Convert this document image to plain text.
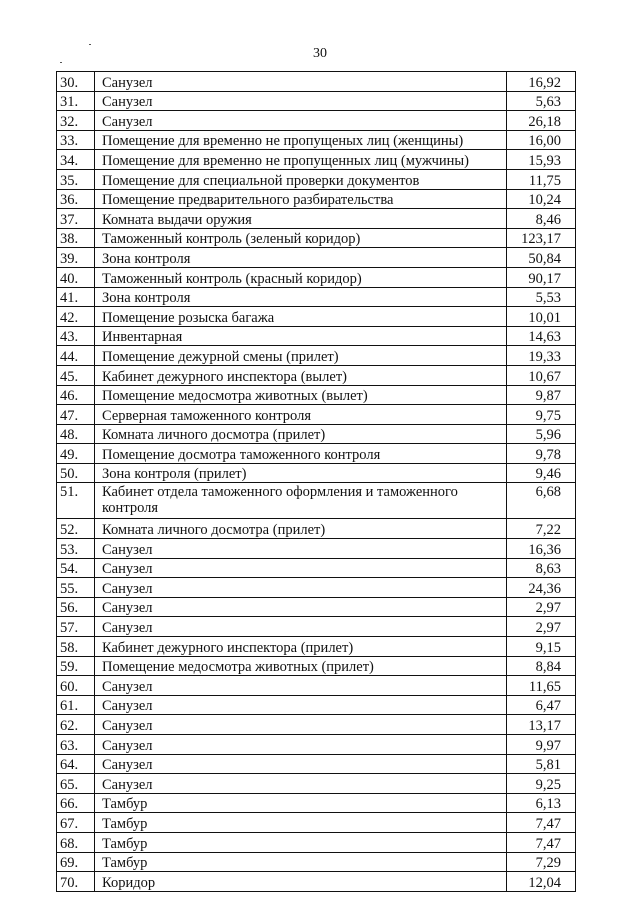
30
30.	Санузел	16,92
31.	Санузел	5,63
32.	Санузел	26,18
33.	Помещение для временно не пропущеных лиц (женщины)	16,00
34.	Помещение для временно не пропущенных лиц (мужчины)	15,93
35.	Помещение для специальной проверки документов	11,75
36.	Помещение предварительного разбирательства	10,24
37.	Комната выдачи оружия	8,46
38.	Таможенный контроль (зеленый коридор)	123,17
39.	Зона контроля	50,84
40.	Таможенный контроль (красный коридор)	90,17
41.	Зона контроля	5,53
42.	Помещение розыска багажа	10,01
43.	Инвентарная	14,63
44.	Помещение дежурной смены (прилет)	19,33
45.	Кабинет дежурного инспектора (вылет)	10,67
46.	Помещение медосмотра животных (вылет)	9,87
47.	Серверная таможенного контроля	9,75
48.	Комната личного досмотра (прилет)	5,96
49.	Помещение досмотра таможенного контроля	9,78
50.	Зона контроля (прилет)	9,46
51.	Кабинет отдела таможенного оформления и таможенного контроля	6,68
52.	Комната личного досмотра (прилет)	7,22
53.	Санузел	16,36
54.	Санузел	8,63
55.	Санузел	24,36
56.	Санузел	2,97
57.	Санузел	2,97
58.	Кабинет дежурного инспектора (прилет)	9,15
59.	Помещение медосмотра животных (прилет)	8,84
60.	Санузел	11,65
61.	Санузел	6,47
62.	Санузел	13,17
63.	Санузел	9,97
64.	Санузел	5,81
65.	Санузел	9,25
66.	Тамбур	6,13
67.	Тамбур	7,47
68.	Тамбур	7,47
69.	Тамбур	7,29
70.	Коридор	12,04
